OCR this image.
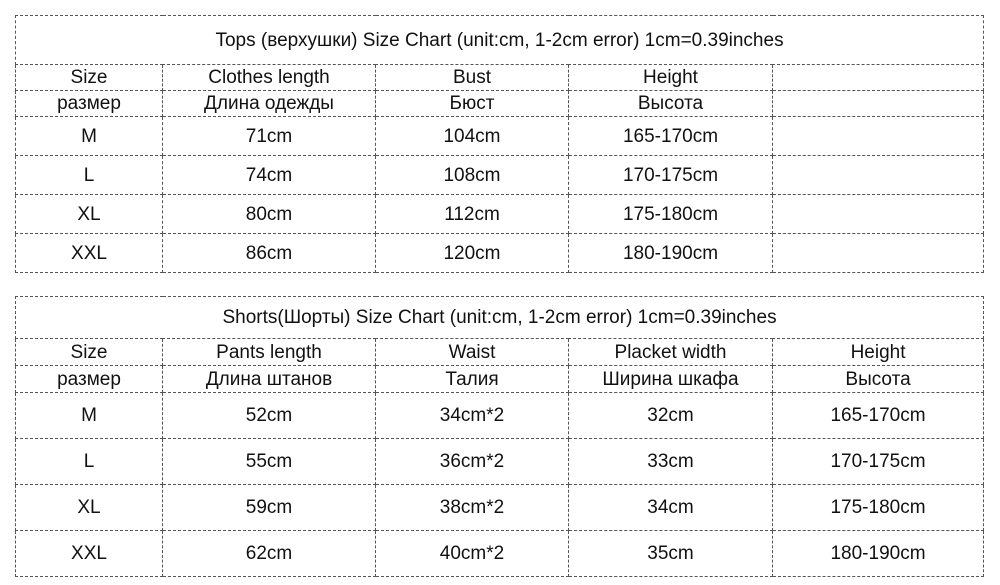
Tops (верхушки) Size Chart (unit:cm, 1-2cm error) 1cm=0.39inches				
Size	Clothes length	Bust	Height	
размер	Длина одежды	Бюст	Высота	
M	71cm	104cm	165-170cm	
L	74cm	108cm	170-175cm	
XL	80cm	112cm	175-180cm	
XXL	86cm	120cm	180-190cm	
Shorts(Шорты) Size Chart (unit:cm, 1-2cm error) 1cm=0.39inches				
Size	Pants length	Waist	Placket width	Height
размер	Длина штанов	Талия	Ширина шкафа	Высота
M	52cm	34cm*2	32cm	165-170cm
L	55cm	36cm*2	33cm	170-175cm
XL	59cm	38cm*2	34cm	175-180cm
XXL	62cm	40cm*2	35cm	180-190cm
